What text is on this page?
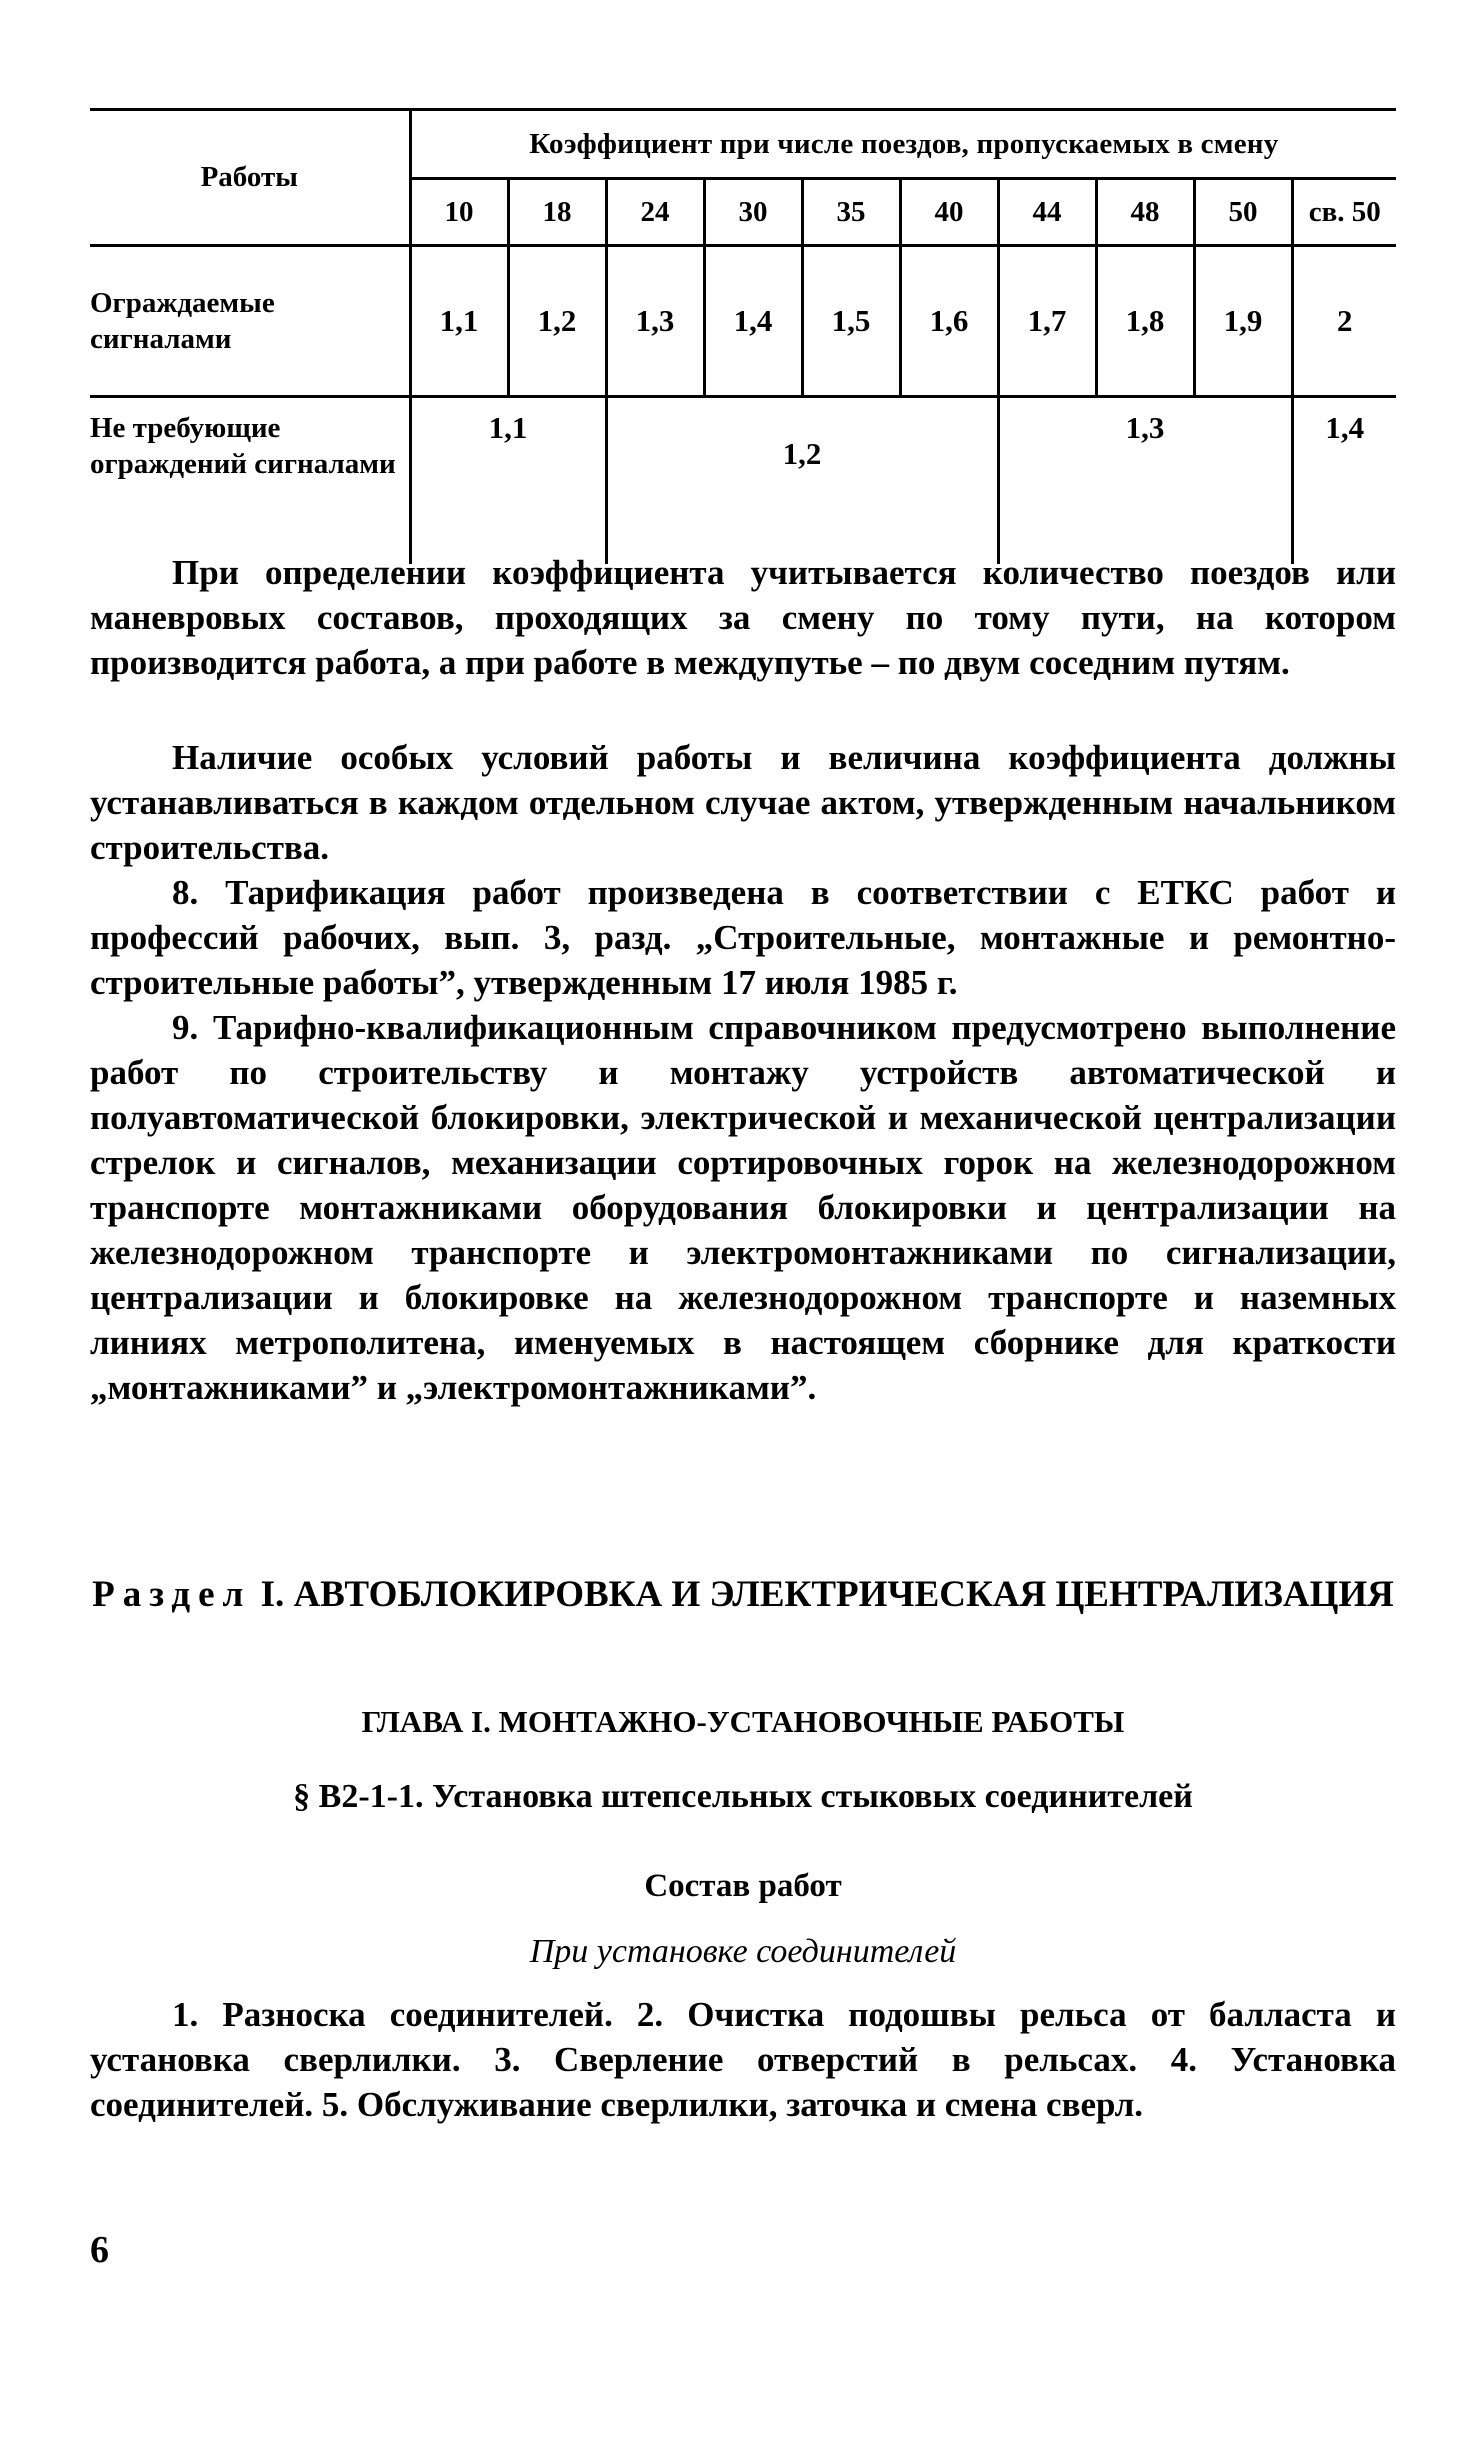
Работы	Коэффициент при числе поездов, пропускаемых в смену									
	10	18	24	30	35	40	44	48	50	св. 50
Ограждаемые сигналами	1,1	1,2	1,3	1,4	1,5	1,6	1,7	1,8	1,9	2
Не требующие ограждений сигналами	1,1		1,2				1,3			1,4

При определении коэффициента учитывается количество поездов или маневровых составов, проходящих за смену по тому пути, на котором производится работа, а при работе в междупутье – по двум соседним путям.

Наличие особых условий работы и величина коэффициента должны устанавливаться в каждом отдельном случае актом, утвержденным начальником строительства.

8. Тарификация работ произведена в соответствии с ЕТКС работ и профессий рабочих, вып. 3, разд. „Строительные, монтажные и ремонтно-строительные работы”, утвержденным 17 июля 1985 г.

9. Тарифно-квалификационным справочником предусмотрено выполнение работ по строительству и монтажу устройств автоматической и полуавтоматической блокировки, электрической и механической централизации стрелок и сигналов, механизации сортировочных горок на железнодорожном транспорте монтажниками оборудования блокировки и централизации на железнодорожном транспорте и электромонтажниками по сигнализации, централизации и блокировке на железнодорожном транспорте и наземных линиях метрополитена, именуемых в настоящем сборнике для краткости „монтажниками” и „электромонтажниками”.

Раздел I. АВТОБЛОКИРОВКА И ЭЛЕКТРИЧЕСКАЯ ЦЕНТРАЛИЗАЦИЯ
ГЛАВА I. МОНТАЖНО-УСТАНОВОЧНЫЕ РАБОТЫ
§ В2-1-1. Установка штепсельных стыковых соединителей
Состав работ
При установке соединителей

1. Разноска соединителей. 2. Очистка подошвы рельса от балласта и установка сверлилки. 3. Сверление отверстий в рельсах. 4. Установка соединителей. 5. Обслуживание сверлилки, заточка и смена сверл.

6
